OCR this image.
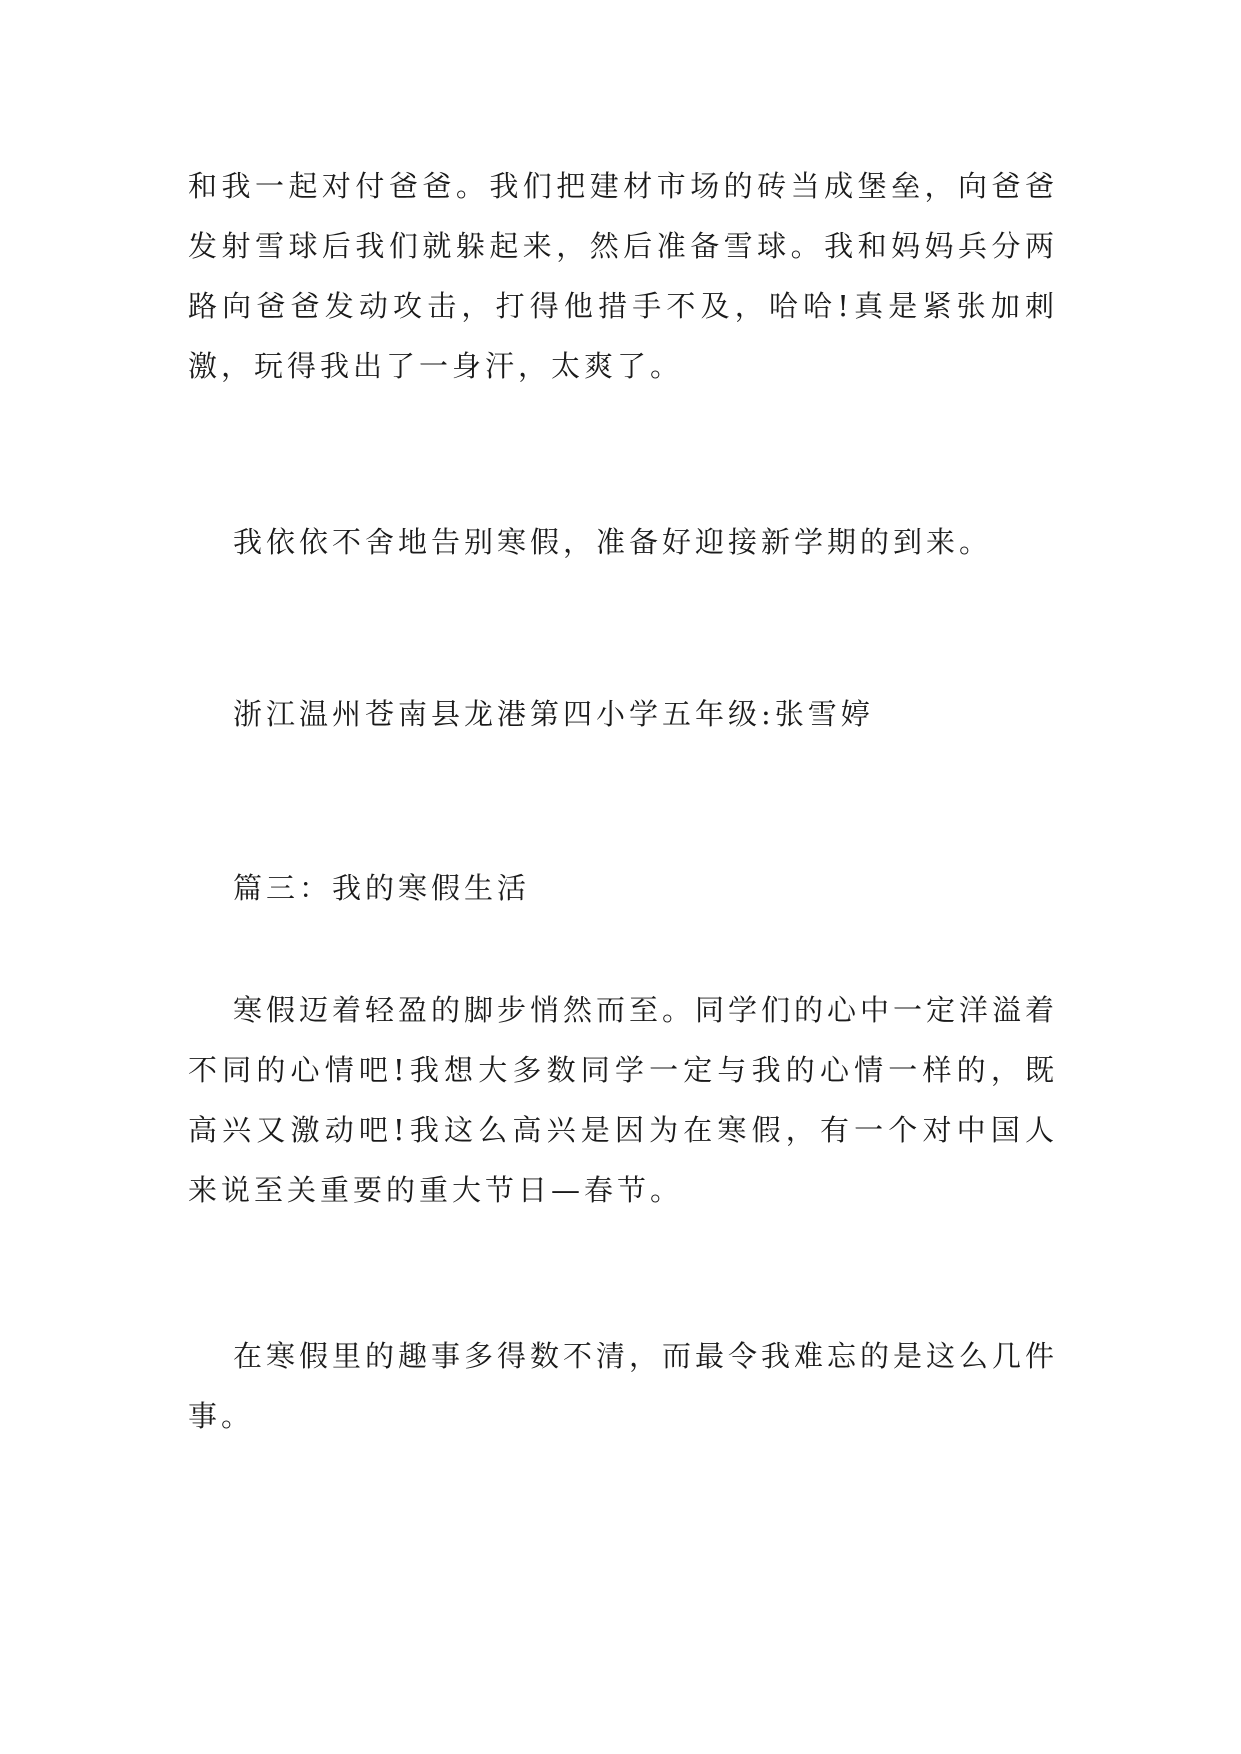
和我一起对付爸爸。我们把建材市场的砖当成堡垒，向爸爸发射雪球后我们就躲起来，然后准备雪球。我和妈妈兵分两路向爸爸发动攻击，打得他措手不及，哈哈!真是紧张加刺激，玩得我出了一身汗，太爽了。

我依依不舍地告别寒假，准备好迎接新学期的到来。

浙江温州苍南县龙港第四小学五年级:张雪婷

篇三：我的寒假生活

寒假迈着轻盈的脚步悄然而至。同学们的心中一定洋溢着不同的心情吧!我想大多数同学一定与我的心情一样的，既高兴又激动吧!我这么高兴是因为在寒假，有一个对中国人来说至关重要的重大节日—春节。

在寒假里的趣事多得数不清，而最令我难忘的是这么几件事。
